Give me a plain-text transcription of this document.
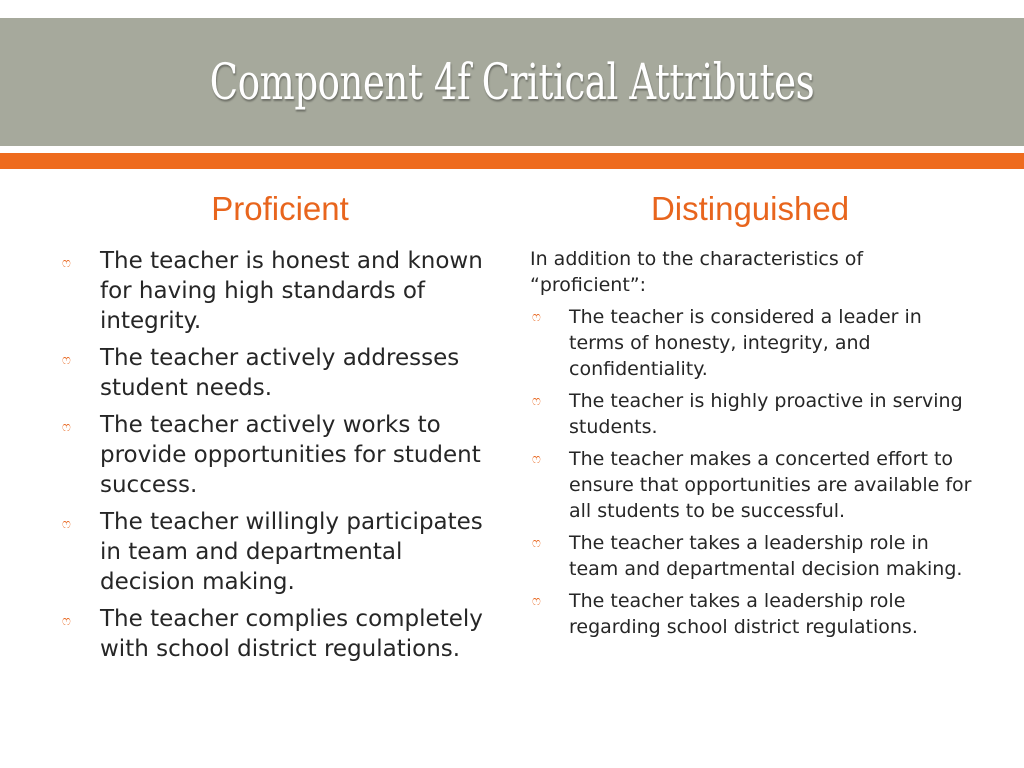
Component 4f Critical Attributes
Proficient	Distinguished
ෆ The teacher is honest and known for having high standards of integrity.
ෆ The teacher actively addresses student needs.
ෆ The teacher actively works to provide opportunities for student success.
ෆ The teacher willingly participates in team and departmental decision making.
ෆ The teacher complies completely with school district regulations.

In addition to the characteristics of “proficient”:

ෆ The teacher is considered a leader in terms of honesty, integrity, and confidentiality.
ෆ The teacher is highly proactive in serving students.
ෆ The teacher makes a concerted effort to ensure that opportunities are available for all students to be successful.
ෆ The teacher takes a leadership role in team and departmental decision making.
ෆ The teacher takes a leadership role regarding school district regulations.
